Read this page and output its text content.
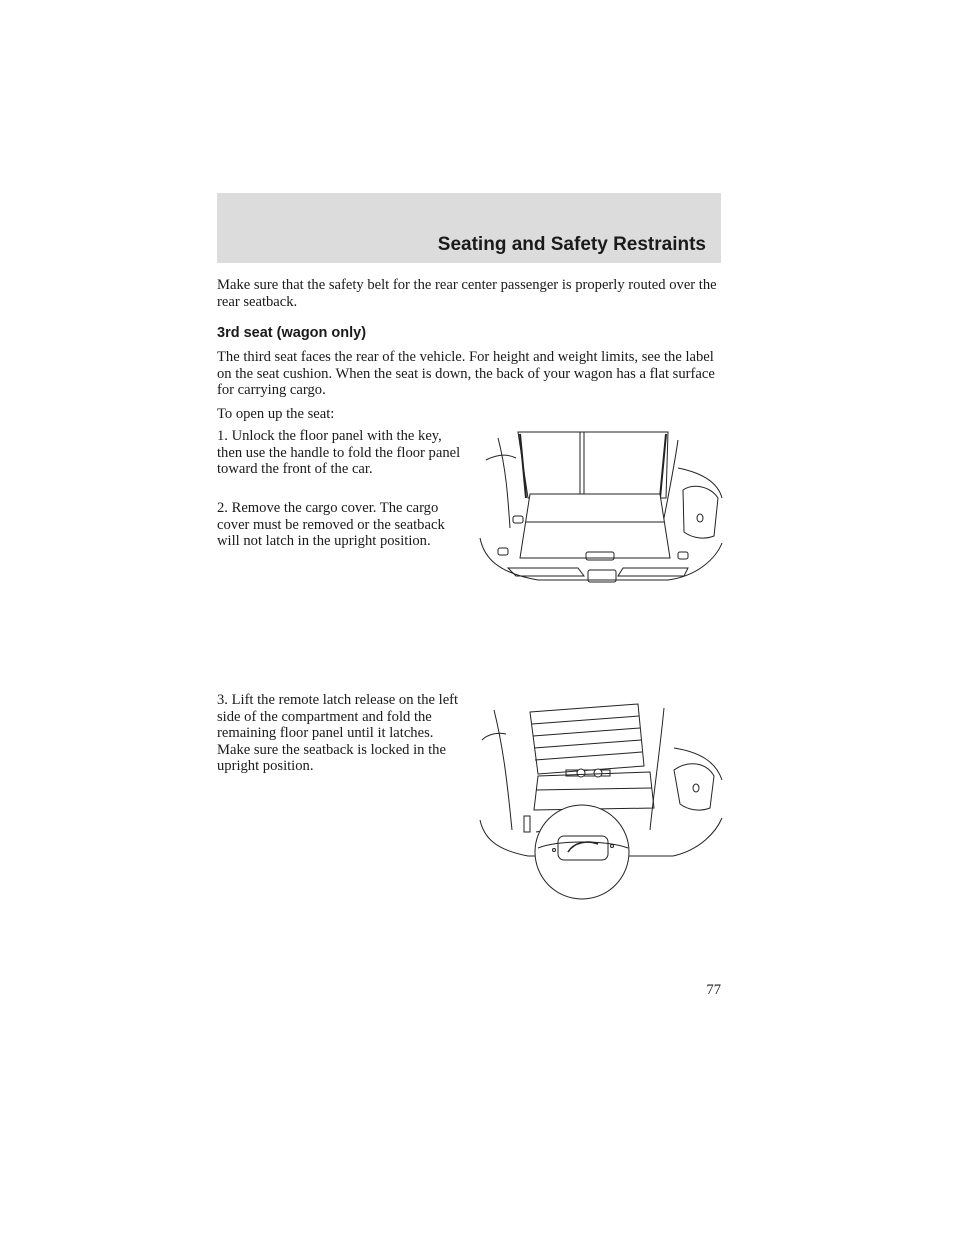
Seating and Safety Restraints

Make sure that the safety belt for the rear center passenger is properly routed over the rear seatback.

3rd seat (wagon only)

The third seat faces the rear of the vehicle. For height and weight limits, see the label on the seat cushion. When the seat is down, the back of your wagon has a flat surface for carrying cargo.

To open up the seat:

1. Unlock the floor panel with the key, then use the handle to fold the floor panel toward the front of the car.

2. Remove the cargo cover. The cargo cover must be removed or the seatback will not latch in the upright position.

3. Lift the remote latch release on the left side of the compartment and fold the remaining floor panel until it latches. Make sure the seatback is locked in the upright position.

77
